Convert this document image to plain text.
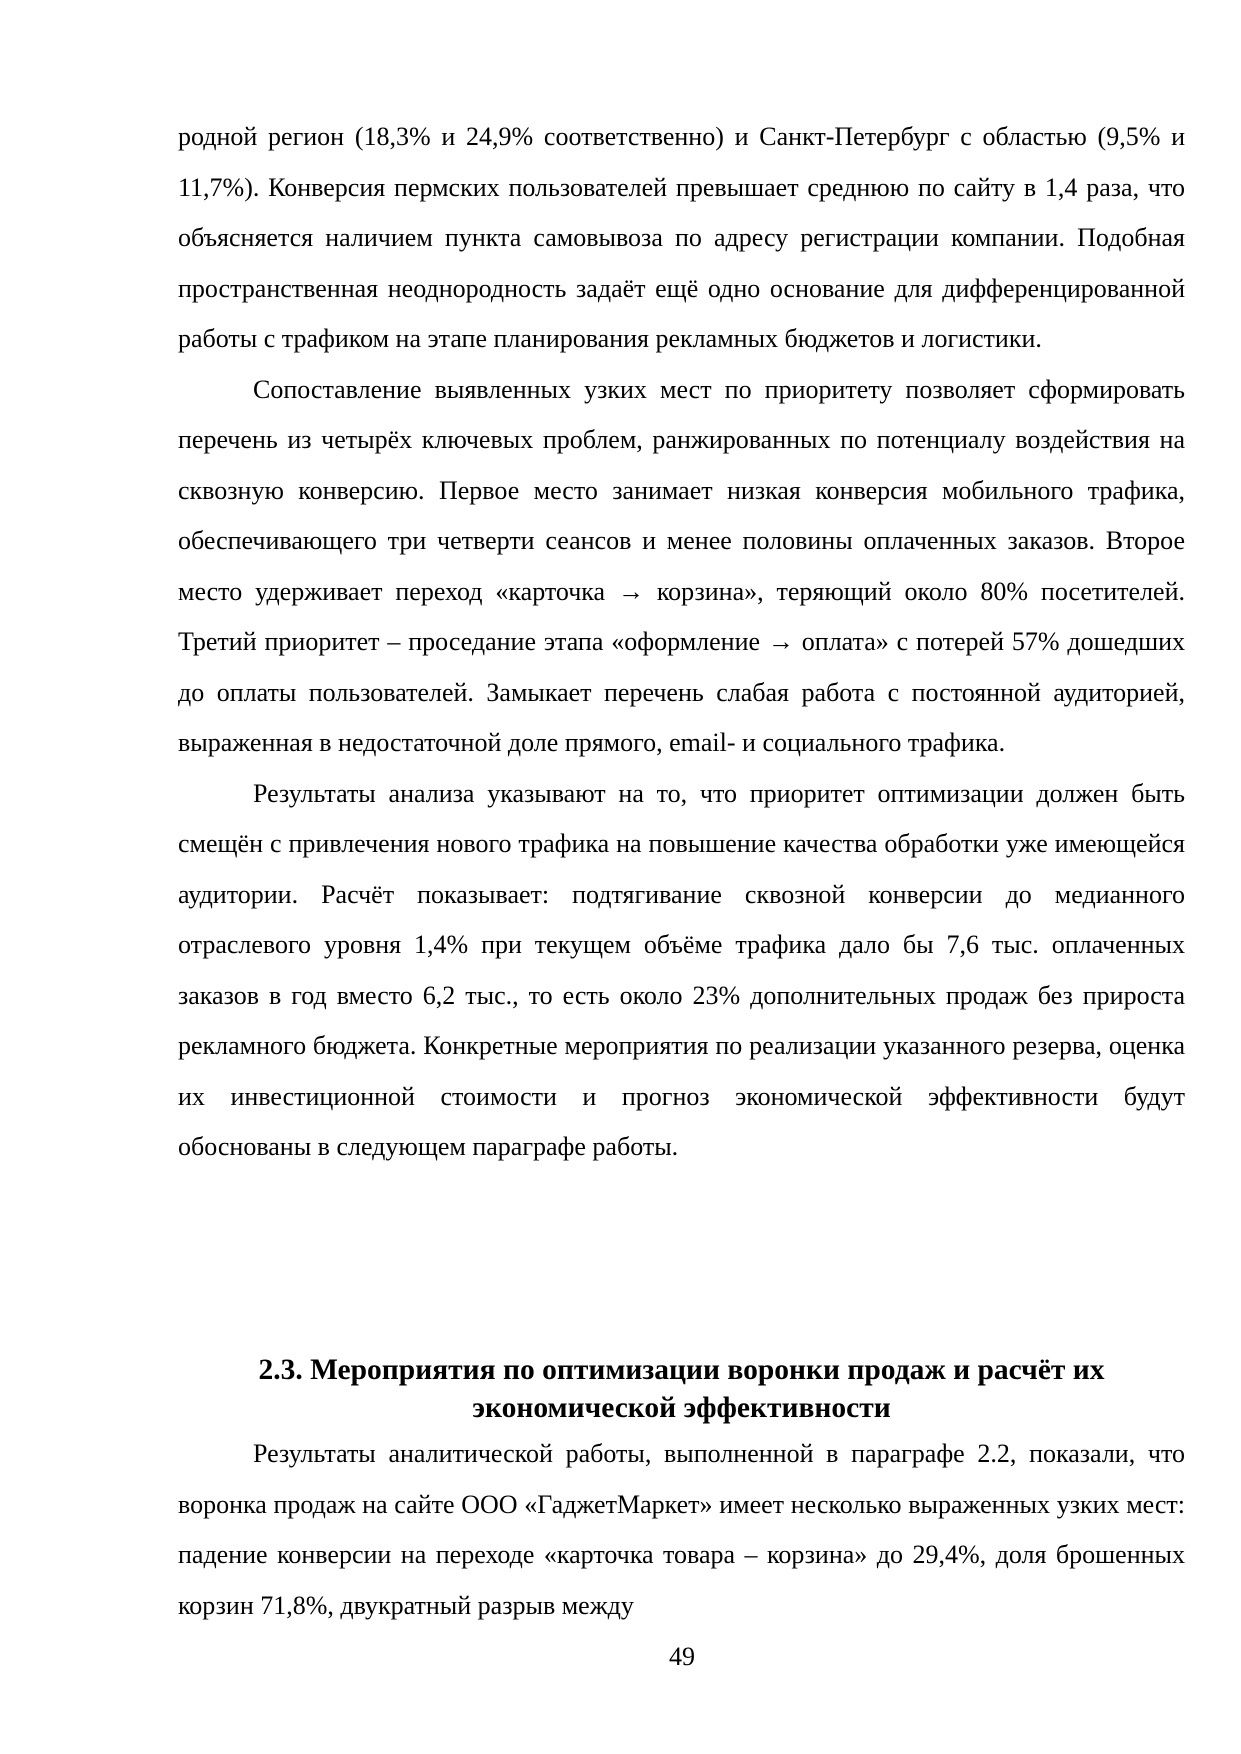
родной регион (18,3% и 24,9% соответственно) и Санкт-Петербург с областью (9,5% и 11,7%). Конверсия пермских пользователей превышает среднюю по сайту в 1,4 раза, что объясняется наличием пункта самовывоза по адресу регистрации компании. Подобная пространственная неоднородность задаёт ещё одно основание для дифференцированной работы с трафиком на этапе планирования рекламных бюджетов и логистики.

Сопоставление выявленных узких мест по приоритету позволяет сформировать перечень из четырёх ключевых проблем, ранжированных по потенциалу воздействия на сквозную конверсию. Первое место занимает низкая конверсия мобильного трафика, обеспечивающего три четверти сеансов и менее половины оплаченных заказов. Второе место удерживает переход «карточка → корзина», теряющий около 80% посетителей. Третий приоритет – проседание этапа «оформление → оплата» с потерей 57% дошедших до оплаты пользователей. Замыкает перечень слабая работа с постоянной аудиторией, выраженная в недостаточной доле прямого, email- и социального трафика.

Результаты анализа указывают на то, что приоритет оптимизации должен быть смещён с привлечения нового трафика на повышение качества обработки уже имеющейся аудитории. Расчёт показывает: подтягивание сквозной конверсии до медианного отраслевого уровня 1,4% при текущем объёме трафика дало бы 7,6 тыс. оплаченных заказов в год вместо 6,2 тыс., то есть около 23% дополнительных продаж без прироста рекламного бюджета. Конкретные мероприятия по реализации указанного резерва, оценка их инвестиционной стоимости и прогноз экономической эффективности будут обоснованы в следующем параграфе работы.

2.3. Мероприятия по оптимизации воронки продаж и расчёт их экономической эффективности

Результаты аналитической работы, выполненной в параграфе 2.2, показали, что воронка продаж на сайте ООО «ГаджетМаркет» имеет несколько выраженных узких мест: падение конверсии на переходе «карточка товара – корзина» до 29,4%, доля брошенных корзин 71,8%, двукратный разрыв между

49
